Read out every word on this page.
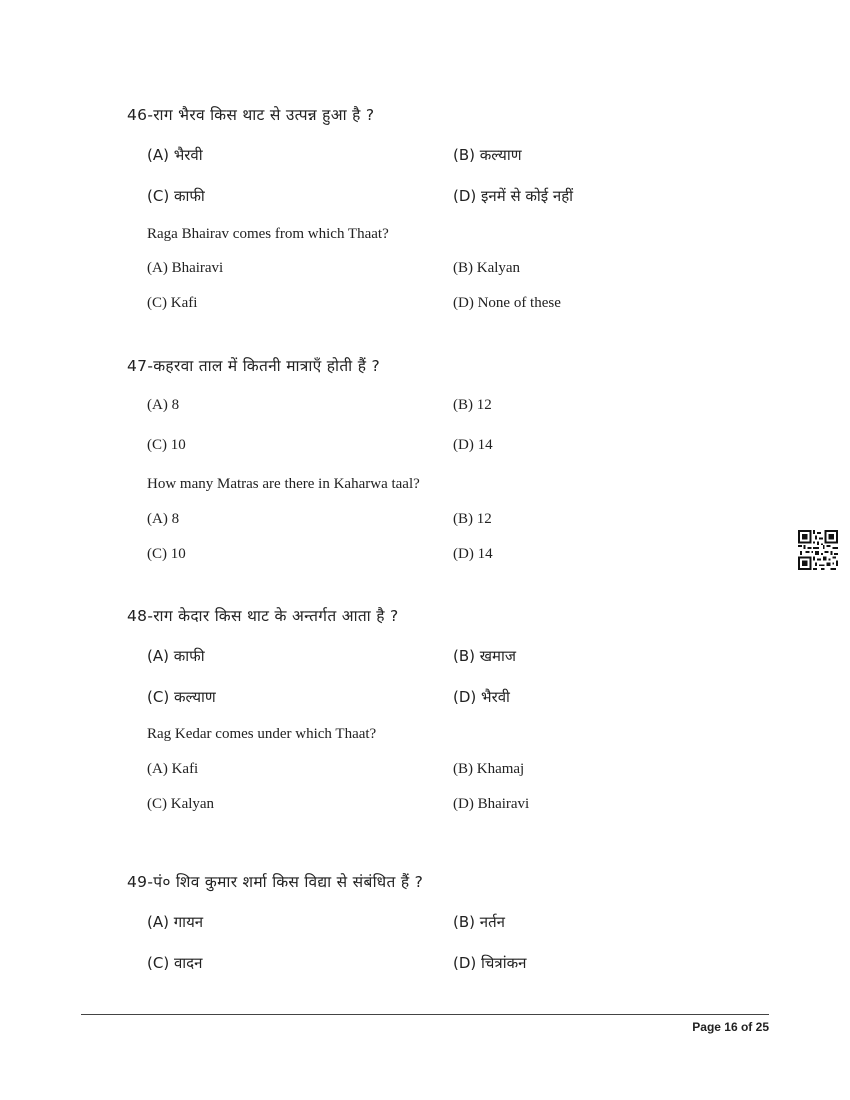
46-राग भैरव किस थाट से उत्पन्न हुआ है ?
(A) भैरवी	(B) कल्याण
(C) काफी	(D) इनमें से कोई नहीं
Raga Bhairav comes from which Thaat?
(A) Bhairavi	(B) Kalyan
(C) Kafi	(D) None of these
47-कहरवा ताल में कितनी मात्राएँ होती हैं ?
(A) 8	(B) 12
(C) 10	(D) 14
How many Matras are there in Kaharwa taal?
(A) 8	(B) 12
(C) 10	(D) 14
48-राग केदार किस थाट के अन्तर्गत आता है ?
(A) काफी	(B) खमाज
(C) कल्याण	(D) भैरवी
Rag Kedar comes under which Thaat?
(A) Kafi	(B) Khamaj
(C) Kalyan	(D) Bhairavi
49-पं० शिव कुमार शर्मा किस विद्या से संबंधित हैं ?
(A) गायन	(B) नर्तन
(C) वादन	(D) चित्रांकन
Page 16 of 25
